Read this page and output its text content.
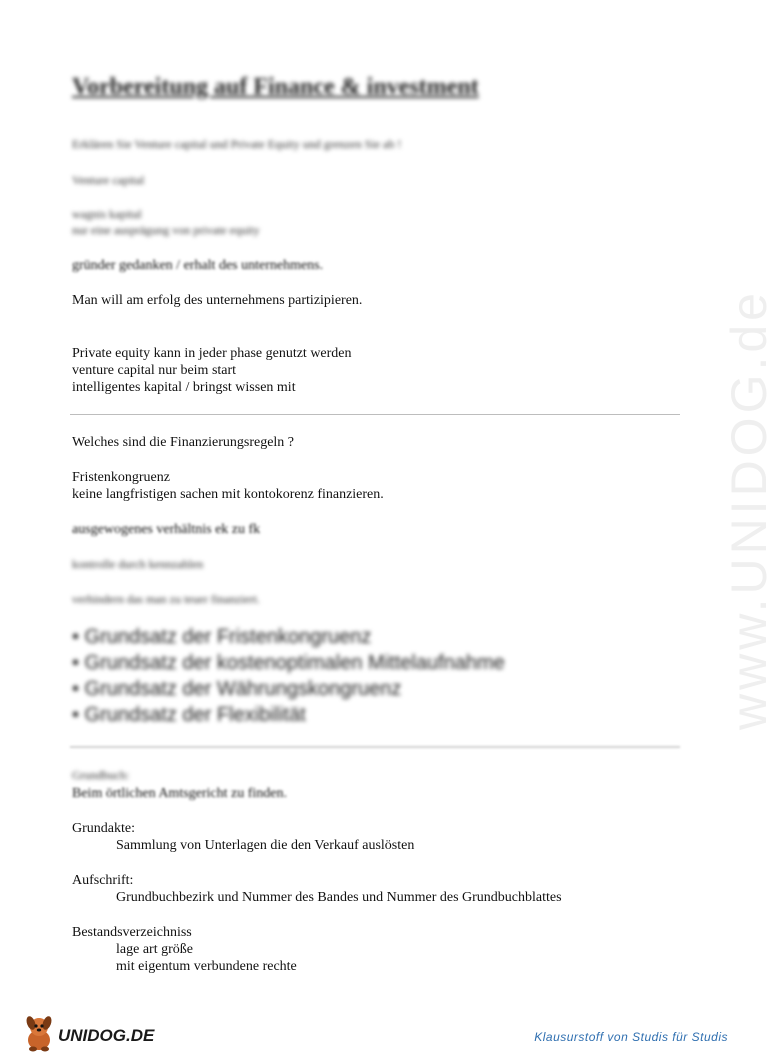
www.UNIDOG.de
Vorbereitung auf Finance & investment
Erklären Sie Venture capital und Private Equity und grenzen Sie ab !
Venture capital
wagnis kapital
nur eine ausprägung von private equity
gründer gedanken / erhalt des unternehmens.
Man will am erfolg des unternehmens partizipieren.
Private equity kann in jeder phase genutzt werden
venture capital nur beim start
intelligentes kapital / bringst wissen mit
Welches sind die Finanzierungsregeln ?
Fristenkongruenz
keine langfristigen sachen mit kontokorenz finanzieren.
ausgewogenes verhältnis ek zu fk
kontrolle durch kennzahlen
verhindern das man zu teuer finanziert.
• Grundsatz der Fristenkongruenz
• Grundsatz der kostenoptimalen Mittelaufnahme
• Grundsatz der Währungskongruenz
• Grundsatz der Flexibilität
Grundbuch:
Beim örtlichen Amtsgericht zu finden.
Grundakte:
Sammlung von Unterlagen die den Verkauf auslösten
Aufschrift:
Grundbuchbezirk und Nummer des Bandes und Nummer des Grundbuchblattes
Bestandsverzeichniss
lage art größe
mit eigentum verbundene rechte
UNIDOG.DE	Klausurstoff von Studis für Studis
